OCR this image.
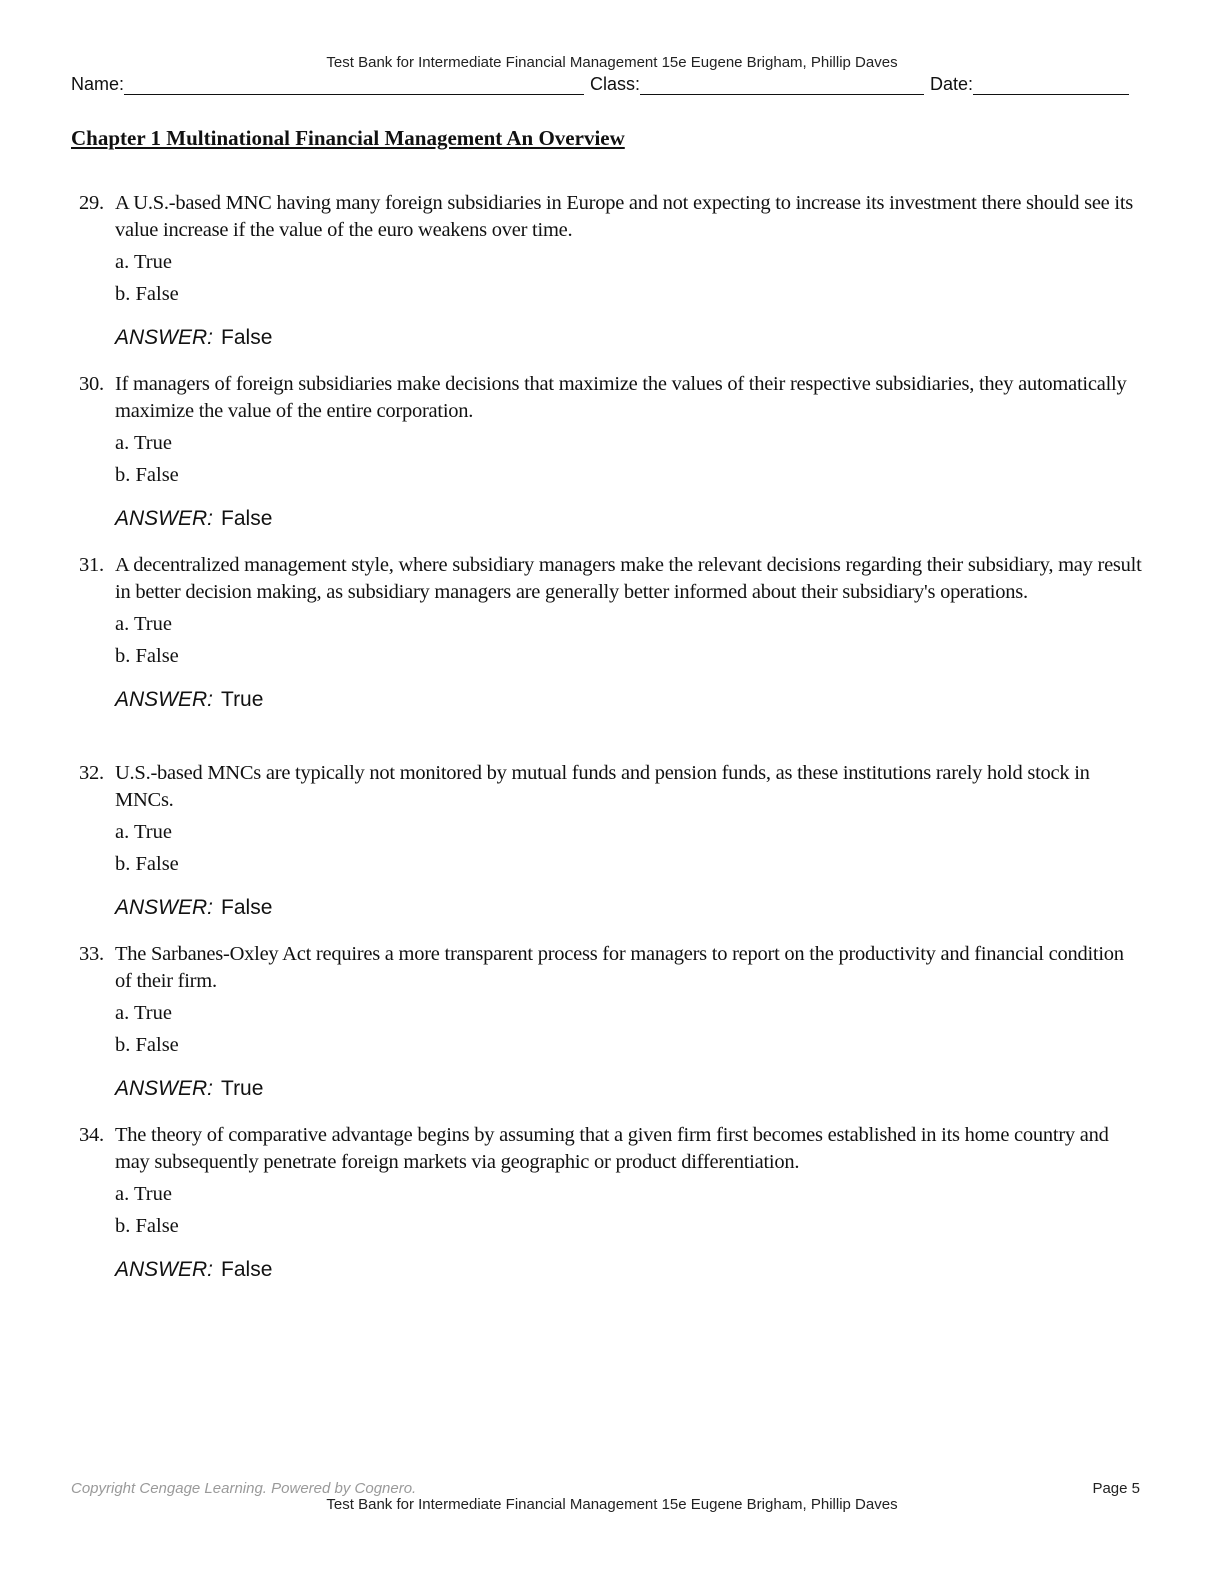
Test Bank for Intermediate Financial Management 15e Eugene Brigham, Phillip Daves
Name:	Class:	Date:
Chapter 1 Multinational Financial Management An Overview
29. A U.S.-based MNC having many foreign subsidiaries in Europe and not expecting to increase its investment there should see its value increase if the value of the euro weakens over time.
a. True
b. False
ANSWER: False
30. If managers of foreign subsidiaries make decisions that maximize the values of their respective subsidiaries, they automatically maximize the value of the entire corporation.
a. True
b. False
ANSWER: False
31. A decentralized management style, where subsidiary managers make the relevant decisions regarding their subsidiary, may result in better decision making, as subsidiary managers are generally better informed about their subsidiary's operations.
a. True
b. False
ANSWER: True
32. U.S.-based MNCs are typically not monitored by mutual funds and pension funds, as these institutions rarely hold stock in MNCs.
a. True
b. False
ANSWER: False
33. The Sarbanes-Oxley Act requires a more transparent process for managers to report on the productivity and financial condition of their firm.
a. True
b. False
ANSWER: True
34. The theory of comparative advantage begins by assuming that a given firm first becomes established in its home country and may subsequently penetrate foreign markets via geographic or product differentiation.
a. True
b. False
ANSWER: False
Copyright Cengage Learning. Powered by Cognero.	Page 5
Test Bank for Intermediate Financial Management 15e Eugene Brigham, Phillip Daves
